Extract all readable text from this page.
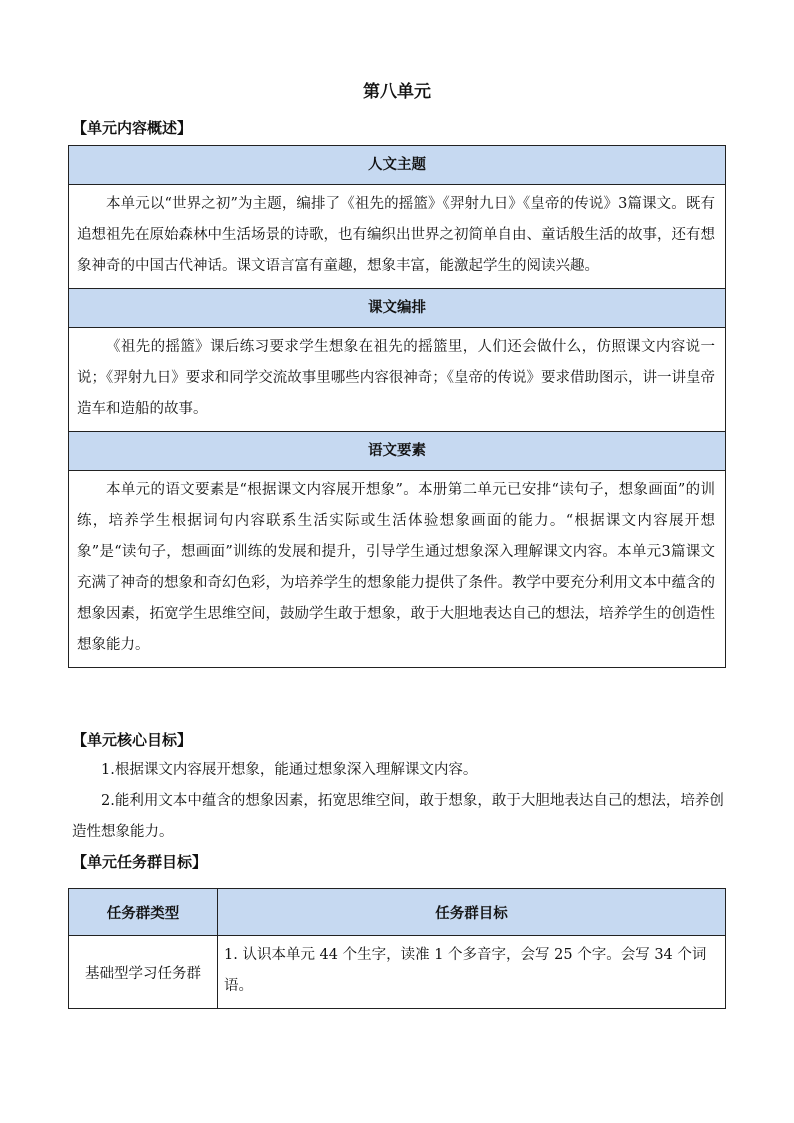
第八单元
【单元内容概述】
人文主题
本单元以“世界之初”为主题，编排了《祖先的摇篮》《羿射九日》《皇帝的传说》3篇课文。既有追想祖先在原始森林中生活场景的诗歌，也有编织出世界之初简单自由、童话般生活的故事，还有想象神奇的中国古代神话。课文语言富有童趣，想象丰富，能激起学生的阅读兴趣。
课文编排
《祖先的摇篮》课后练习要求学生想象在祖先的摇篮里，人们还会做什么，仿照课文内容说一说；《羿射九日》要求和同学交流故事里哪些内容很神奇；《皇帝的传说》要求借助图示，讲一讲皇帝造车和造船的故事。
语文要素
本单元的语文要素是“根据课文内容展开想象”。本册第二单元已安排“读句子，想象画面”的训练，培养学生根据词句内容联系生活实际或生活体验想象画面的能力。“根据课文内容展开想象”是“读句子，想画面”训练的发展和提升，引导学生通过想象深入理解课文内容。本单元3篇课文充满了神奇的想象和奇幻色彩，为培养学生的想象能力提供了条件。教学中要充分利用文本中蕴含的想象因素，拓宽学生思维空间，鼓励学生敢于想象，敢于大胆地表达自己的想法，培养学生的创造性想象能力。
【单元核心目标】
1.根据课文内容展开想象，能通过想象深入理解课文内容。
2.能利用文本中蕴含的想象因素，拓宽思维空间，敢于想象，敢于大胆地表达自己的想法，培养创造性想象能力。
【单元任务群目标】
任务群类型	任务群目标
基础型学习任务群	1. 认识本单元 44 个生字，读准 1 个多音字，会写 25 个字。会写 34 个词语。
